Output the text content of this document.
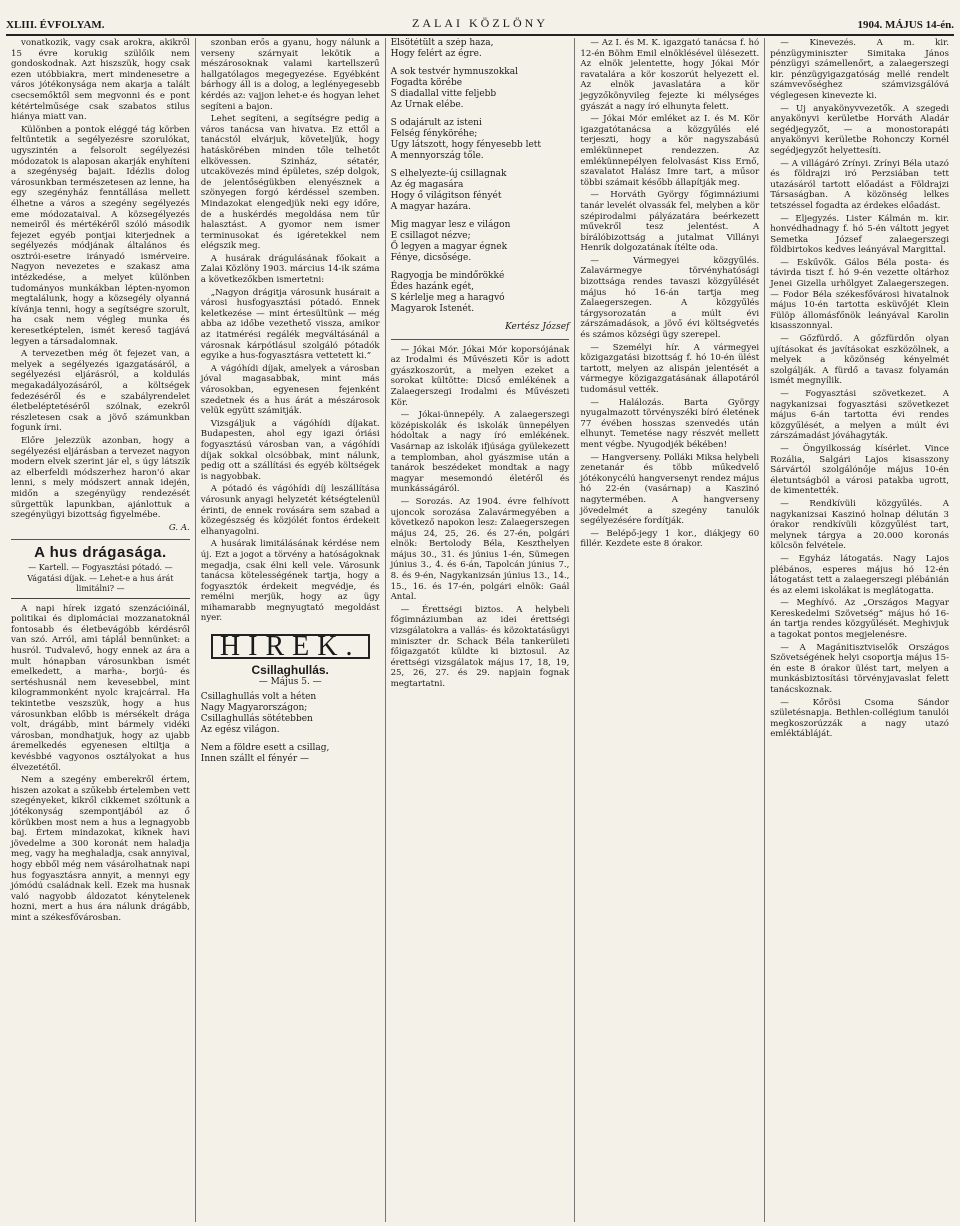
XLIII. ÉVFOLYAM.	ZALAI KÖZLÖNY	1904. MÁJUS 14-én.

vonatkozik, vagy csak arokra, akikről 15 évre korukig szülőik nem gondoskodnak. Azt hiszszük, hogy csak ezen utóbbiakra, mert mindenesetre a város jótékonysága nem akarja a talált csecsemőktől sem megvonni és e pont kétértelműsége csak szabatos stilus hiánya miatt van.

Különben a pontok eléggé tág körben feltüntetik a segélyezésre szorulókat, ugyszintén a felsorolt segélyezési módozatok is alaposan akarják enyhíteni a szegénység bajait. Idézlis dolog városunkban természetesen az lenne, ha egy szegényház fenntállása mellett élhetne a város a szegény segélyezés eme módozataival. A közsegélyezés nemeiről és mértékéről szóló második fejezet egyéb pontjai kiterjednek a segélyezés módjának általános és osztrói-esetre irányadó ismérveire. Nagyon nevezetes e szakasz ama intézkedése, a melyet különben tudományos munkákban lépten-nyomon megtalálunk, hogy a közsegély olyanná kívánja tenni, hogy a segítségre szorult, ha csak nem végleg munka és keresetképtelen, ismét kereső tagjává legyen a társadalomnak.

A tervezetben még öt fejezet van, a melyek a segélyezés igazgatásáról, a segélyezési eljárásról, a koldulás megakadályozásáról, a költségek fedezéséről és e szabályrendelet életbeléptetéséről szólnak, ezekről részletesen csak a jövő számunkban fogunk írni.

Előre jelezzük azonban, hogy a segélyezési eljárásban a tervezet nagyon modern elvek szerint jár el, s úgy látszik az elberfeldi módszerhez haron'ó akar lenni, s mely módszert annak idején, midőn a szegényügy rendezését sürgettük lapunkban, ajánlottuk a szegényügyi bizottság figyelmébe.

G. A.
A hus drágasága.
— Kartell. — Fogyasztási pótadó. — Vágatási díjak. — Lehet-e a hus árát limitálni? —

A napi hírek izgató szenzációinál, politikai és diplomáciai mozzanatoknál fontosabb és életbevágóbb kérdésről van szó. Arról, ami táplál bennünket: a husról. Tudvalevő, hogy ennek az ára a mult hónapban városunkban ismét emelkedett, a marha-, borjú- és sertéshusnál nem kevesebbel, mint kilogrammonként nyolc krajcárral. Ha tekintetbe veszszük, hogy a hus városunkban előbb is mérsékelt drága volt, drágább, mint bármely vidéki városban, mondhatjuk, hogy az ujabb áremelkedés egyenesen eltiltja a kevésbbé vagyonos osztályokat a hus élvezetétől.

Nem a szegény emberekről értem, hiszen azokat a szűkebb értelemben vett szegényeket, kikről cikkemet szóltunk a jótékonyság szempontjából az ő körükben most nem a hus a legnagyobb baj. Értem mindazokat, kiknek havi jövedelme a 300 koronát nem haladja meg, vagy ha meghaladja, csak annyival, hogy ebből még nem vásárolhatnak napi hus fogyasztásra annyit, a mennyi egy jómódú családnak kell. Ezek ma husnak való nagyobb áldozatot kénytelenek hozni, mert a hus ára nálunk drágább, mint a székesfővárosban.

szonban erős a gyanu, hogy nálunk a verseny szárnyait lekötik a mészárosoknak valami kartellszerű hallgatólagos megegyezése. Egyébként bárhogy áll is a dolog, a leglényegesebb kérdés az: vajjon lehet-e és hogyan lehet segíteni a bajon.

Lehet segíteni, a segítségre pedig a város tanácsa van hivatva. Ez ettől a tanácstól elvárjuk, követeljük, hogy hatáskörében minden tőle telhetőt elkövessen. Szinház, sétatér, utcakövezés mind épületes, szép dolgok, de jelentőségükben elenyésznek a szönyegen forgó kérdéssel szemben. Mindazokat elengedjük neki egy időre, de a huskérdés megoldása nem tűr halasztást. A gyomor nem ismer terminusokat és igéretekkel nem elégszik meg.

A husárak drágulásának főokait a Zalai Közlöny 1903. március 14-ik száma a következőkben ismertetni:

„Nagyon drágitja városunk husárait a városi husfogyasztási pótadó. Ennek keletkezése — mint értesültünk — még abba az időbe vezethető vissza, amikor az itatmérési regálék megváltásánál a városnak kárpótlásul szolgáló pótadók egyike a hus-fogyasztásra vettetett ki.”

A vágóhídi díjak, amelyek a városban jóval magasabbak, mint más városokban, egyenesen fejenként szedetnek és a hus árát a mészárosok velük együtt számitják.

Vizsgáljuk a vágóhídi díjakat. Budapesten, ahol egy igazi óriási fogyasztású városban van, a vágóhídi díjak sokkal olcsóbbak, mint nálunk, pedig ott a szállítási és egyéb költségek is nagyobbak.

A pótadó és vágóhídi díj leszállítása városunk anyagi helyzetét kétségtelenül érinti, de ennek rovására sem szabad a közegészség és közjólét fontos érdekeit elhanyagolni.

A husárak limitálásának kérdése nem új. Ezt a jogot a törvény a hatóságoknak megadja, csak élni kell vele. Városunk tanácsa kötelességének tartja, hogy a fogyasztók érdekeit megvédje, és remélni merjük, hogy az ügy mihamarabb megnyugtató megoldást nyer.

HIREK.
Csillaghullás.
— Május 5. —
Csillaghullás volt a héten
Nagy Magyarországon;
Csillaghullás sötétebben
Az egész világon.
Nem a földre esett a csillag,
Innen szállt el fényér —
Elsötétült a szép haza,
Hogy felért az égre.
A sok testvér hymnuszokkal
Fogadta körébe
S diadallal vitte feljebb
Az Urnak elébe.
S odajárult az isteni
Felség fényköréhe;
Ugy látszott, hogy fényesebb lett
A mennyország tőle.
S elhelyezte-új csillagnak
Az ég magasára
Hogy ő világitson fényét
A magyar hazára.
Mig magyar lesz e világon
E csillagot nézve;
Ő legyen a magyar égnek
Fénye, dicsősége.
Ragyogja be mindőrökké
Édes hazánk egét,
S kérlelje meg a haragvó
Magyarok Istenét.
Kertész József

— Jókai Mór. Jókai Mór koporsójának az Irodalmi és Művészeti Kör is adott gyászkoszorút, a melyen ezeket a sorokat kültötte: Dicső emlékének a Zalaegerszegi Irodalmi és Művészeti Kör.

— Jókai-ünnepély. A zalaegerszegi középiskolák és iskolák ünnepélyen hódoltak a nagy író emlékének. Vasárnap az iskolák ifjúsága gyülekezett a templomban, ahol gyászmise után a tanárok beszédeket mondtak a nagy magyar mesemondó életéről és munkásságáról.

— Sorozás. Az 1904. évre felhívott ujoncok sorozása Zalavármegyében a következő napokon lesz: Zalaegerszegen május 24, 25, 26. és 27-én, polgári elnök: Bertolody Béla, Keszthelyen május 30., 31. és június 1-én, Sümegen június 3., 4. és 6-án, Tapolcán június 7., 8. és 9-én, Nagykanizsán június 13., 14., 15., 16. és 17-én, polgári elnök: Gaál Antal.

— Érettségi biztos. A helybeli főgimnáziumban az idei érettségi vizsgálatokra a vallás- és közoktatásügyi miniszter dr. Schack Béla tankerületi főigazgatót küldte ki biztosul. Az érettségi vizsgálatok május 17, 18, 19, 25, 26, 27. és 29. napjain fognak megtartatni.

— Az I. és M. K. igazgató tanácsa f. hó 12-én Böhm Emil elnöklésével ülésezett. Az elnök jelentette, hogy Jókai Mór ravatalára a kör koszorút helyezett el. Az elnök javaslatára a kör jegyzőkönyvileg fejezte ki mélységes gyászát a nagy író elhunyta felett.

— Jókai Mór emléket az I. és M. Kör igazgatótanácsa a közgyűlés elé terjeszti, hogy a kör nagyszabású emlékünnepet rendezzen. Az emlékünnepélyen felolvasást Kiss Ernő, szavalatot Halász Imre tart, a műsor többi számait később állapítják meg.

— Horváth György főgimnáziumi tanár levelét olvassák fel, melyben a kör szépirodalmi pályázatára beérkezett művekről tesz jelentést. A bírálóbizottság a jutalmat Villányi Henrik dolgozatának ítélte oda.

— Vármegyei közgyűlés. Zalavármegye törvényhatósági bizottsága rendes tavaszi közgyűlését május hó 16-án tartja meg Zalaegerszegen. A közgyűlés tárgysorozatán a múlt évi zárszámadások, a jövő évi költségvetés és számos községi ügy szerepel.

— Személyi hír. A vármegyei közigazgatási bizottság f. hó 10-én ülést tartott, melyen az alispán jelentését a vármegye közigazgatásának állapotáról tudomásul vették.

— Halálozás. Barta György nyugalmazott törvényszéki bíró életének 77 évében hosszas szenvedés után elhunyt. Temetése nagy részvét mellett ment végbe. Nyugodjék békében!

— Hangverseny. Polláki Miksa helybeli zenetanár és több műkedvelő jótékonycélú hangversenyt rendez május hó 22-én (vasárnap) a Kaszinó nagytermében. A hangverseny jövedelmét a szegény tanulók segélyezésére fordítják.

— Belépő-jegy 1 kor., diákjegy 60 fillér. Kezdete este 8 órakor.

— Kinevezés. A m. kir. pénzügyminiszter Simitaka János pénzügyi számellenőrt, a zalaegerszegi kir. pénzügyigazgatóság mellé rendelt számvevőséghez számvizsgálóvá véglegesen kinevezte ki.

— Uj anyakönyvvezetők. A szegedi anyakönyvi kerületbe Horváth Aladár segédjegyzőt, — a monostorapáti anyakönyvi kerületbe Rohonczy Kornél segédjegyzőt helyettesíti.

— A villágáró Zrínyi. Zrínyi Béla utazó és földrajzi iró Perzsiában tett utazásáról tartott előadást a Földrajzi Társaságban. A közönség lelkes tetszéssel fogadta az érdekes előadást.

— Eljegyzés. Lister Kálmán m. kir. honvédhadnagy f. hó 5-én váltott jegyet Semetka József zalaegerszegi földbirtokos kedves leányával Margittal.

— Eskűvők. Gálos Béla posta- és távirda tiszt f. hó 9-én vezette oltárhoz Jenei Gizella urhölgyet Zalaegerszegen. — Fodor Béla székesfővárosi hivatalnok május 10-én tartotta esküvőjét Klein Fülöp állomásfőnök leányával Karolin kisasszonnyal.

— Gőzfürdő. A gőzfürdőn olyan ujításokat és javításokat eszközölnek, a melyek a közönség kényelmét szolgálják. A fürdő a tavasz folyamán ismét megnyílik.

— Fogyasztási szövetkezet. A nagykanizsai fogyasztási szövetkezet május 6-án tartotta évi rendes közgyűlését, a melyen a múlt évi zárszámadást jóváhagyták.

— Öngyilkosság kísérlet. Vince Rozália, Salgári Lajos kisasszony Sárvártól szolgálónője május 10-én életuntságból a városi patakba ugrott, de kimentették.

— Rendkívüli közgyűlés. A nagykanizsai Kaszinó holnap délután 3 órakor rendkívüli közgyűlést tart, melynek tárgya a 20.000 koronás kölcsön felvétele.

— Egyház látogatás. Nagy Lajos plébános, esperes május hó 12-én látogatást tett a zalaegerszegi plébánián és az elemi iskolákat is meglátogatta.

— Meghívó. Az „Országos Magyar Kereskedelmi Szövetség” május hó 16-án tartja rendes közgyűlését. Meghivjuk a tagokat pontos megjelenésre.

— A Magánitisztviselők Országos Szövetségének helyi csoportja május 15-én este 8 órakor ülést tart, melyen a munkásbiztosítási törvényjavaslat felett tanácskoznak.

— Kőrösi Csoma Sándor születésnapja. Bethlen-collégium tanulói megkoszorúzzák a nagy utazó emléktábláját.
